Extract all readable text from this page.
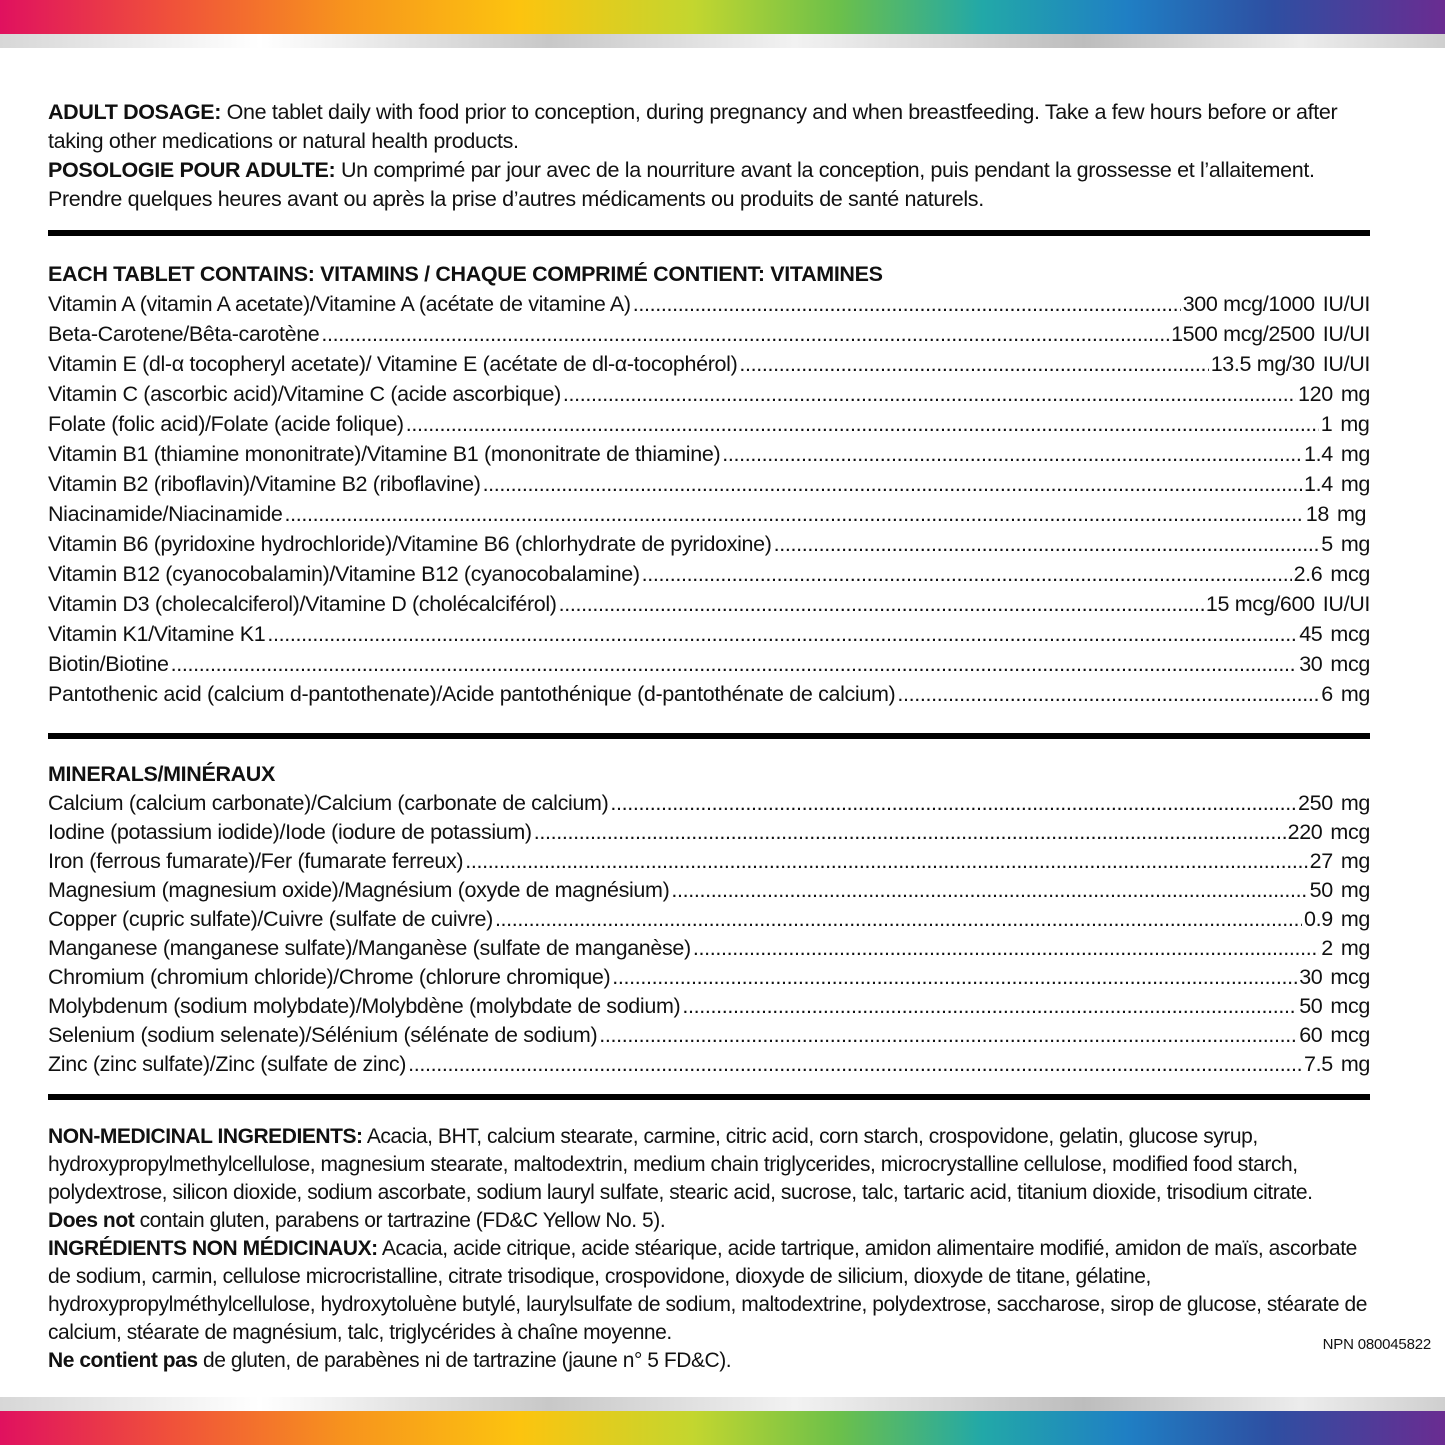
ADULT DOSAGE: One tablet daily with food prior to conception, during pregnancy and when breastfeeding. Take a few hours before or after taking other medications or natural health products.

POSOLOGIE POUR ADULTE: Un comprimé par jour avec de la nourriture avant la conception, puis pendant la grossesse et l’allaitement. Prendre quelques heures avant ou après la prise d’autres médicaments ou produits de santé naturels.

EACH TABLET CONTAINS: VITAMINS / CHAQUE COMPRIMÉ CONTIENT: VITAMINES

Vitamin A (vitamin A acetate)/Vitamine A (acétate de vitamine A) .....	300 mcg/1000 IU/UI
Beta-Carotene/Bêta-carotène .....	1500 mcg/2500 IU/UI
Vitamin E (dl-α tocopheryl acetate)/ Vitamine E (acétate de dl-α-tocophérol) .....	13.5 mg/30 IU/UI
Vitamin C (ascorbic acid)/Vitamine C (acide ascorbique) .....	120 mg
Folate (folic acid)/Folate (acide folique) .....	1 mg
Vitamin B1 (thiamine mononitrate)/Vitamine B1 (mononitrate de thiamine) .....	1.4 mg
Vitamin B2 (riboflavin)/Vitamine B2 (riboflavine) .....	1.4 mg
Niacinamide/Niacinamide .....	18 mg
Vitamin B6 (pyridoxine hydrochloride)/Vitamine B6 (chlorhydrate de pyridoxine) .....	5 mg
Vitamin B12 (cyanocobalamin)/Vitamine B12 (cyanocobalamine) .....	2.6 mcg
Vitamin D3 (cholecalciferol)/Vitamine D (cholécalciférol) .....	15 mcg/600 IU/UI
Vitamin K1/Vitamine K1 .....	45 mcg
Biotin/Biotine .....	30 mcg
Pantothenic acid (calcium d-pantothenate)/Acide pantothénique (d-pantothénate de calcium) .....	6 mg

MINERALS/MINÉRAUX

Calcium (calcium carbonate)/Calcium (carbonate de calcium) .....	250 mg
Iodine (potassium iodide)/Iode (iodure de potassium) .....	220 mcg
Iron (ferrous fumarate)/Fer (fumarate ferreux) .....	27 mg
Magnesium (magnesium oxide)/Magnésium (oxyde de magnésium) .....	50 mg
Copper (cupric sulfate)/Cuivre (sulfate de cuivre) .....	0.9 mg
Manganese (manganese sulfate)/Manganèse (sulfate de manganèse) .....	2 mg
Chromium (chromium chloride)/Chrome (chlorure chromique) .....	30 mcg
Molybdenum (sodium molybdate)/Molybdène (molybdate de sodium) .....	50 mcg
Selenium (sodium selenate)/Sélénium (sélénate de sodium) .....	60 mcg
Zinc (zinc sulfate)/Zinc (sulfate de zinc) .....	7.5 mg

NON-MEDICINAL INGREDIENTS: Acacia, BHT, calcium stearate, carmine, citric acid, corn starch, crospovidone, gelatin, glucose syrup, hydroxypropylmethylcellulose, magnesium stearate, maltodextrin, medium chain triglycerides, microcrystalline cellulose, modified food starch, polydextrose, silicon dioxide, sodium ascorbate, sodium lauryl sulfate, stearic acid, sucrose, talc, tartaric acid, titanium dioxide, trisodium citrate.

Does not contain gluten, parabens or tartrazine (FD&C Yellow No. 5).

INGRÉDIENTS NON MÉDICINAUX: Acacia, acide citrique, acide stéarique, acide tartrique, amidon alimentaire modifié, amidon de maïs, ascorbate de sodium, carmin, cellulose microcristalline, citrate trisodique, crospovidone, dioxyde de silicium, dioxyde de titane, gélatine, hydroxypropylméthylcellulose, hydroxytoluène butylé, laurylsulfate de sodium, maltodextrine, polydextrose, saccharose, sirop de glucose, stéarate de calcium, stéarate de magnésium, talc, triglycérides à chaîne moyenne.

Ne contient pas de gluten, de parabènes ni de tartrazine (jaune n° 5 FD&C).

NPN 080045822
